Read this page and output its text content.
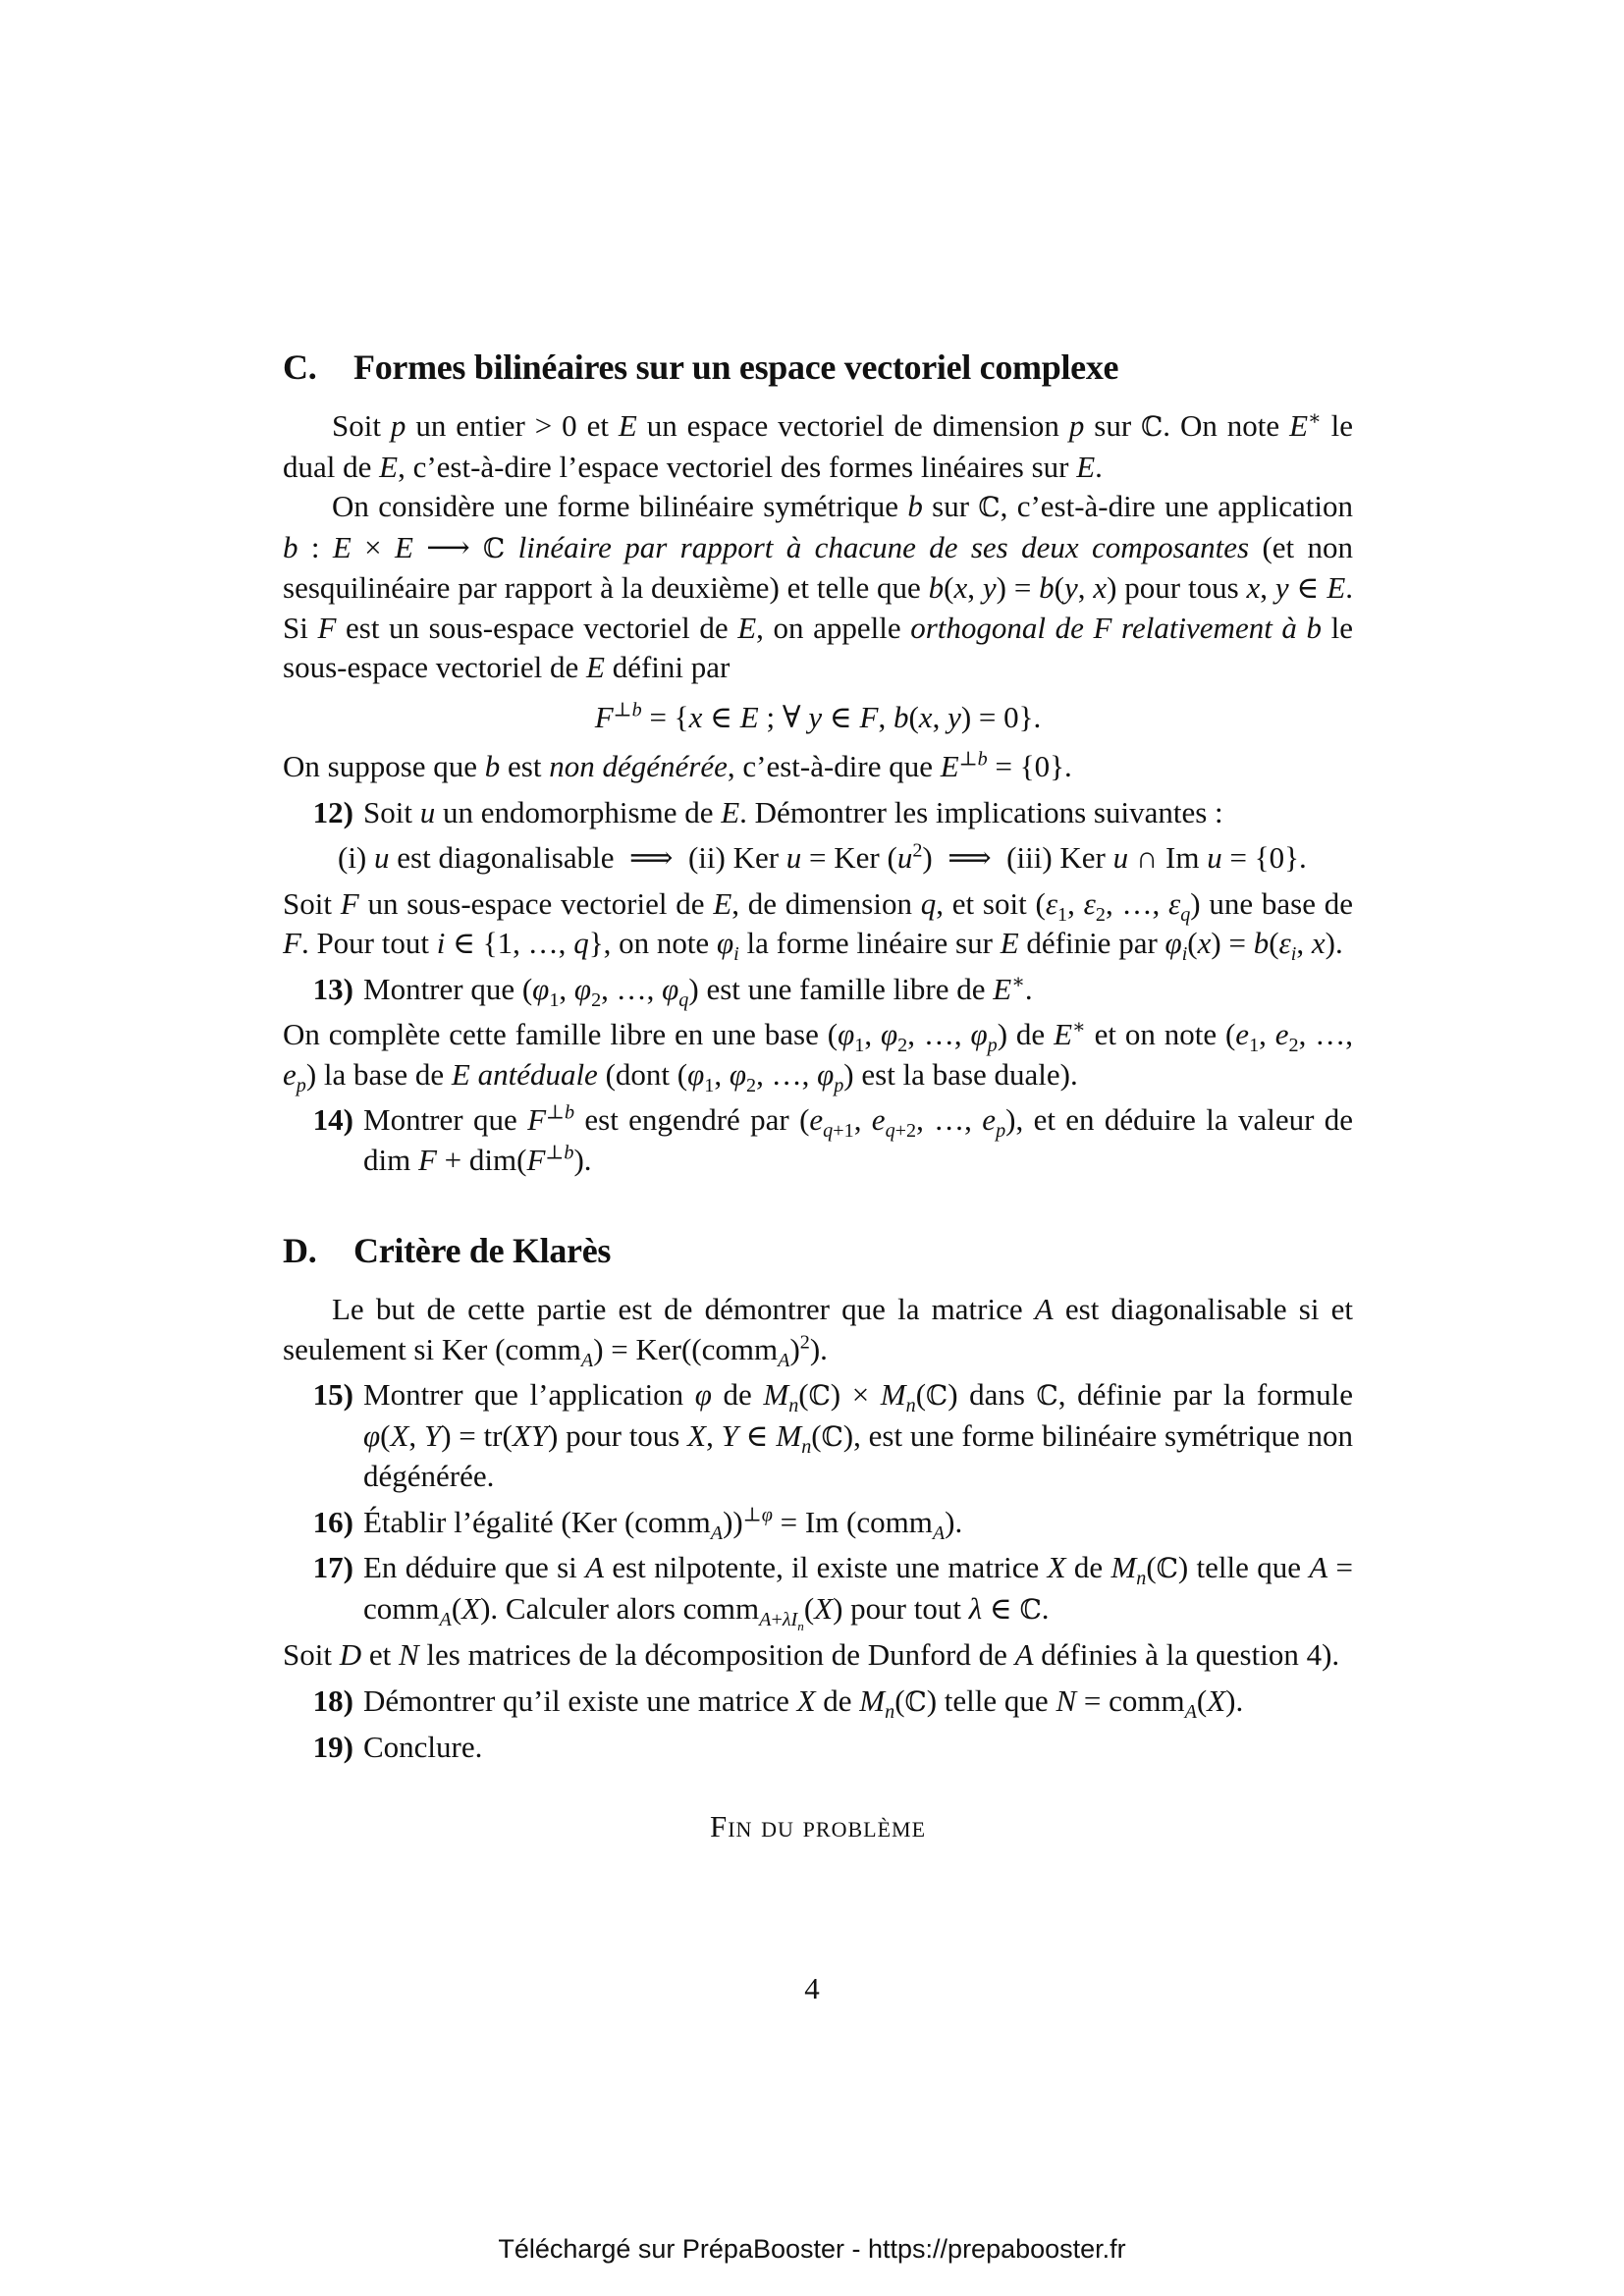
C. Formes bilinéaires sur un espace vectoriel complexe

Soit p un entier > 0 et E un espace vectoriel de dimension p sur ℂ. On note E∗ le dual de E, c’est-à-dire l’espace vectoriel des formes linéaires sur E.

On considère une forme bilinéaire symétrique b sur ℂ, c’est-à-dire une application b : E × E ⟶ ℂ linéaire par rapport à chacune de ses deux composantes (et non sesquilinéaire par rapport à la deuxième) et telle que b(x, y) = b(y, x) pour tous x, y ∈ E. Si F est un sous-espace vectoriel de E, on appelle orthogonal de F relativement à b le sous-espace vectoriel de E défini par

$F^{\perp b} = \{x$ ∈ E ; ∀ y ∈ F, b(x, y) = 0}.

On suppose que b est non dégénérée, c’est-à-dire que $E^{\perp b} = \{0\}$.

12) Soit u un endomorphisme de E. Démontrer les implications suivantes :
(i) u est diagonalisable  ⟹  (ii) Ker u = Ker $(u^2)$  ⟹  (iii) Ker u ∩ Im u = {0}.

Soit F un sous-espace vectoriel de E, de dimension q, et soit ($\varepsilon_1$, $\varepsilon_2$, …, $\varepsilon_q$) une base de F. Pour tout i ∈ {1, …, q}, on note $\varphi_i$ la forme linéaire sur E définie par $\varphi_i(x) = b(\varepsilon_i$, x).

13) Montrer que ($\varphi_1$, $\varphi_2$, …, $\varphi_q$) est une famille libre de E∗.

On complète cette famille libre en une base ($\varphi_1$, $\varphi_2$, …, $\varphi_p$) de E∗ et on note ($e_1$, $e_2$, …, $e_p$) la base de E antéduale (dont ($\varphi_1$, $\varphi_2$, …, $\varphi_p$) est la base duale).

14) Montrer que $F^{\perp b}$ est engendré par ($e_{q+1}$, $e_{q+2}$, …, $e_p$), et en déduire la valeur de dim $F + dim(F^{\perp b})$.
D. Critère de Klarès

Le but de cette partie est de démontrer que la matrice A est diagonalisable si et seulement si Ker (comm$_A$) = Ker((comm$_A$)$^2$).

15) Montrer que l’application φ de $M_n(ℂ)$ × $M_n(ℂ)$ dans ℂ, définie par la formule φ(X, Y) = tr(XY) pour tous X, Y ∈ $M_n(ℂ)$, est une forme bilinéaire symétrique non dégénérée.
16) Établir l’égalité (Ker (comm$_A$))$^{\perp\varphi}$ = Im (comm$_A$).
17) En déduire que si A est nilpotente, il existe une matrice X de $M_n(ℂ)$ telle que A = comm$_A$(X). Calculer alors comm$_{A+\lambda I_n}$(X) pour tout λ ∈ ℂ.

Soit D et N les matrices de la décomposition de Dunford de A définies à la question 4).

18) Démontrer qu’il existe une matrice X de $M_n(ℂ)$ telle que N = comm$_A$(X).
19) Conclure.
Fin du problème
4
Téléchargé sur PrépaBooster - https://prepabooster.fr
